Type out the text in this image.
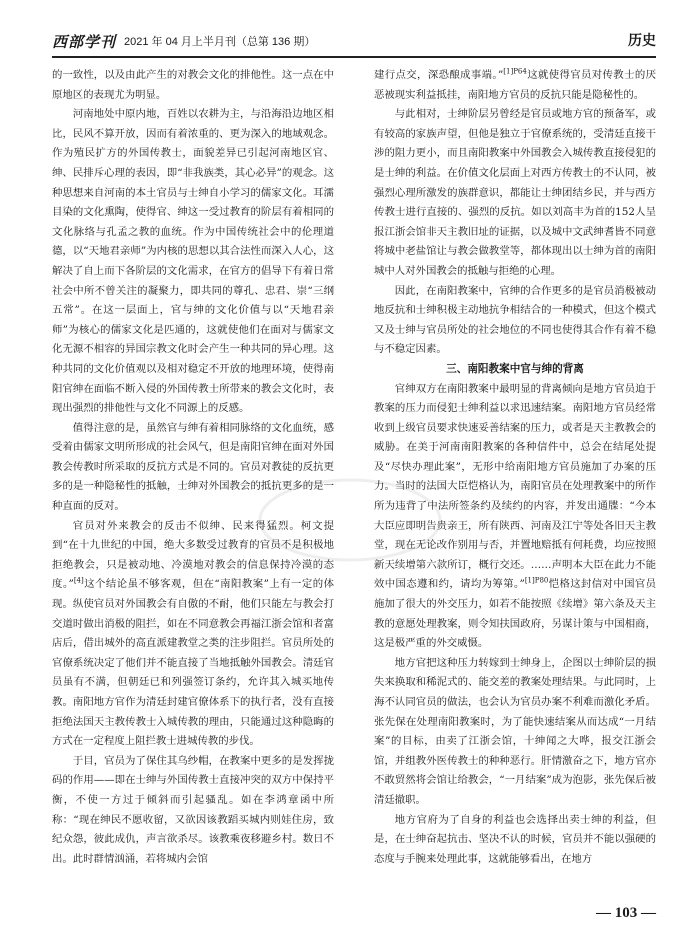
西部学刊 2021 年 04 月上半月刊（总第 136 期）	历史

的一致性，以及由此产生的对教会文化的排他性。这一点在中原地区的表现尤为明显。

河南地处中原内地，百姓以农耕为主，与沿海沿边地区相比，民风不算开放，因而有着浓重的、更为深入的地域观念。作为殖民扩方的外国传教士，面貌差异已引起河南地区官、绅、民排斥心理的表因，即“非我族类，其心必异”的观念。这种思想来自河南的本土官员与士绅自小学习的儒家文化。耳濡目染的文化熏陶，使得官、绅这一受过教育的阶层有着相同的文化脉络与孔孟之教的血统。作为中国传统社会中的伦理道德，以“天地君亲师”为内核的思想以其合法性而深入人心，这解决了自上而下各阶层的文化需求，在官方的倡导下有着日常社会中所不曾关注的凝聚力，即共同的尊孔、忠君、崇“三纲五常”。在这一层面上，官与绅的文化价值与以“天地君亲师”为核心的儒家文化是匹通的，这就使他们在面对与儒家文化无源不相容的异国宗教文化时会产生一种共同的异心理。这种共同的文化价值观以及相对稳定不开放的地理环境，使得南阳官绅在面临不断入侵的外国传教士所带来的教会文化时，表现出强烈的排他性与文化不同源上的反感。

值得注意的是，虽然官与绅有着相同脉络的文化血统，感受着由儒家文明所形成的社会风气，但是南阳官绅在面对外国教会传教时所采取的反抗方式是不同的。官员对教徒的反抗更多的是一种隐秘性的抵触，士绅对外国教会的抵抗更多的是一种直面的反对。

官员对外来教会的反击不似绅、民来得猛烈。柯文提到“在十九世纪的中国，绝大多数受过教育的官员不是积极地拒绝教会，只是被动地、冷漠地对教会的信息保持冷漠的态度。”[4]这个结论虽不够客观，但在“南阳教案”上有一定的体现。纵使官员对外国教会有自傲的不耐，他们只能左与教会打交道时做出消极的阻拦，如在不同意教会再福江浙会馆和者富店后，借出城外的高直派建教堂之类的注步阻拦。官员所处的官僚系统决定了他们并不能直接了当地抵触外国教会。清廷官员虽有不满，但朝廷已和列强签订条约，允许其入城买地传教。南阳地方官作为清廷封建官僚体系下的执行者，没有直接拒绝法国天主教传教士入城传教的理由，只能通过这种隐晦的方式在一定程度上阻拦教士进城传教的步伐。

于目，官员为了保住其乌纱帽，在教案中更多的是发挥拢码的作用——即在士绅与外国传教士直接冲突的双方中保持平衡，不使一方过于倾斜而引起骚乱。如在李鸿章函中所称：“现在绅民不愿收留，又欲因该教蹈买城内则娃住房，致纪众怨，彼此成仇，声言欲杀尽。该教乘夜移避乡村。数日不出。此时群情汹涌，若将城内会馆

建行点交，深恐酿成事端。”$^{[1]P64}$这就使得官员对传教士的厌恶被现实利益抵挂，南阳地方官员的反抗只能是隐秘性的。

与此相对，士绅阶层另曾经是官员或地方官的预备军，或有较高的家族声望，但他是独立于官僚系统的，受清廷直接干涉的阻力更小，而且南阳教案中外国教会入城传教直接侵犯的是士绅的利益。在价值文化层面上对西方传教士的不认同，被强烈心理所激发的族群意识，都能让士绅团结乡民，并与西方传教士进行直接的、强烈的反抗。如以刘高丰为首的152人呈报江浙会馆非天主教旧址的证据，以及城中文武绅耆皆不同意将城中老盐馆让与教会做教堂等，都体现出以士绅为首的南阳城中人对外国教会的抵触与拒绝的心理。

因此，在南阳教案中，官绅的合作更多的是官员消极被动地反抗和士绅积极主动地抗争相结合的一种模式，但这个模式又及士绅与官员所处的社会地位的不同也使得其合作有着不稳与不稳定因素。

三、南阳教案中官与绅的背离

官绅双方在南阳教案中最明显的背离倾向是地方官员迫于教案的压力而侵犯士绅利益以求迅速结案。南阳地方官员经常收到上级官员要求快速妥善结案的压力，或者是天主教教会的威胁。在美于河南南阳教案的各种信件中，总会在结尾处提及“尽快办理此案”，无形中给南阳地方官员施加了办案的压力。当时的法国大臣恺格认为，南阳官员在处理教案中的所作所为违背了中法所签条约及续约的内容，并发出通牒：“今本大臣应即明告贵亲王，所有陕西、河南及江宁等处各旧天主教堂，现在无论改作别用与否，并置地赔抵有何耗费，均应按照新天续增第六款所订，概行交还。……声明本大臣在此力不能效中国态遵和约，请均为筹第。”$^{[1]P80}$恺格这封信对中国官员施加了很大的外交压力，如若不能按照《续增》第六条及天主教的意愿处理教案，则令知扶国政府，另谋计策与中国相商，这是极严重的外交威慑。

地方官把这种压力转嫁到士绅身上，企图以士绅阶层的损失来换取和稀泥式的、能交差的教案处理结果。与此同时，上海不认同官员的做法，也会认为官员办案不利难而激化矛盾。张先保在处理南阳教案时，为了能快速结案从而达成“一月结案”的目标，由卖了江浙会馆，十绅闻之大哗，报交江浙会馆，并组教外医传教士的种种恶行。肝情激奋之下，地方官亦不敢贸然将会馆让给教会，“一月结案”成为泡影，张先保后被清廷撤职。

地方官府为了自身的利益也会选择出卖士绅的利益，但是，在士绅奋起抗击、坚决不认的时候，官员并不能以强硬的态度与手腕来处理此事，这就能够看出，在地方

— 103 —
